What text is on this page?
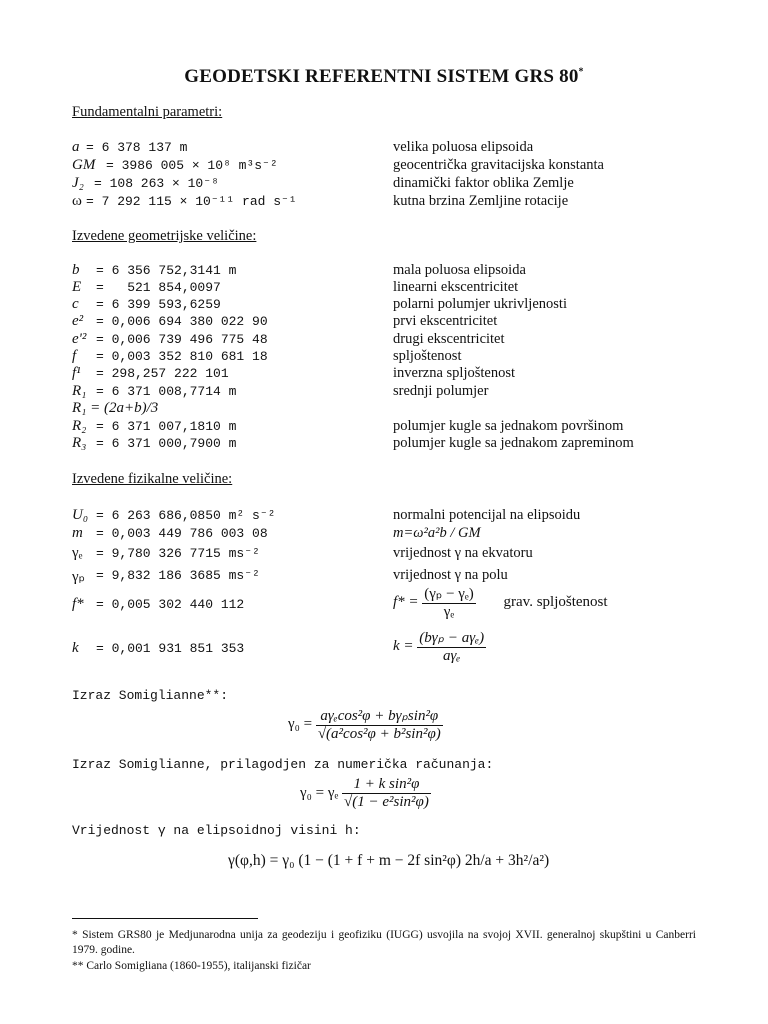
GEODETSKI REFERENTNI SISTEM GRS 80*
Fundamentalni parametri:
a = 6 378 137 m	velika poluosa elipsoida
GM = 3986 005 × 10⁸ m³s⁻²	geocentrička gravitacijska konstanta
J₂ = 108 263 × 10⁻⁸	dinamički faktor oblika Zemlje
ω = 7 292 115 × 10⁻¹¹ rad s⁻¹	kutna brzina Zemljine rotacije
Izvedene geometrijske veličine:
b = 6 356 752,3141 m	mala poluosa elipsoida
E =   521 854,0097	linearni ekscentricitet
c = 6 399 593,6259	polarni polumjer ukrivljenosti
e² = 0,006 694 380 022 90	prvi ekscentricitet
e'² = 0,006 739 496 775 48	drugi ekscentricitet
f = 0,003 352 810 681 18	spljoštenost
f¹ = 298,257 222 101	inverzna spljoštenost
R₁ = 6 371 008,7714 m	srednji polumjer
R₁ = (2a+b)/3
R₂ = 6 371 007,1810 m	polumjer kugle sa jednakom površinom
R₃ = 6 371 000,7900 m	polumjer kugle sa jednakom zapreminom
Izvedene fizikalne veličine:
U₀ = 6 263 686,0850 m² s⁻²	normalni potencijal na elipsoidu
m = 0,003 449 786 003 08	m=ω²a²b / GM
γₑ = 9,780 326 7715 ms⁻²	vrijednost γ na ekvatoru
γₚ = 9,832 186 3685 ms⁻²	vrijednost γ na polu
f* = 0,005 302 440 112	$f* = \frac{\text{(γₚ − γₑ)}}{\text{γₑ}}$ grav. spljoštenost
k = 0,001 931 851 353	$k = \frac{\text{(bγₚ − aγₑ)}}{\text{aγₑ}}$
Izraz Somiglianne**:
$\gamma_0 = \frac{\text{aγₑcos²φ + bγₚsin²φ}}{\text{√(a²cos²φ + b²sin²φ)}}$
Izraz Somiglianne, prilagodjen za numerička računanja:
γ₀ = γₑ $\frac{\text{1 + k sin²φ}}{\text{√(1 − e²sin²φ)}}$
Vrijednost γ na elipsoidnoj visini h:
γ(φ,h) = γ₀ (1 − (1 + f + m − 2f sin²φ) 2h/a + 3h²/a²)
* Sistem GRS80 je Medjunarodna unija za geodeziju i geofiziku (IUGG) usvojila na svojoj XVII. generalnoj skupštini u Canberri 1979. godine.
** Carlo Somigliana (1860-1955), italijanski fizičar
